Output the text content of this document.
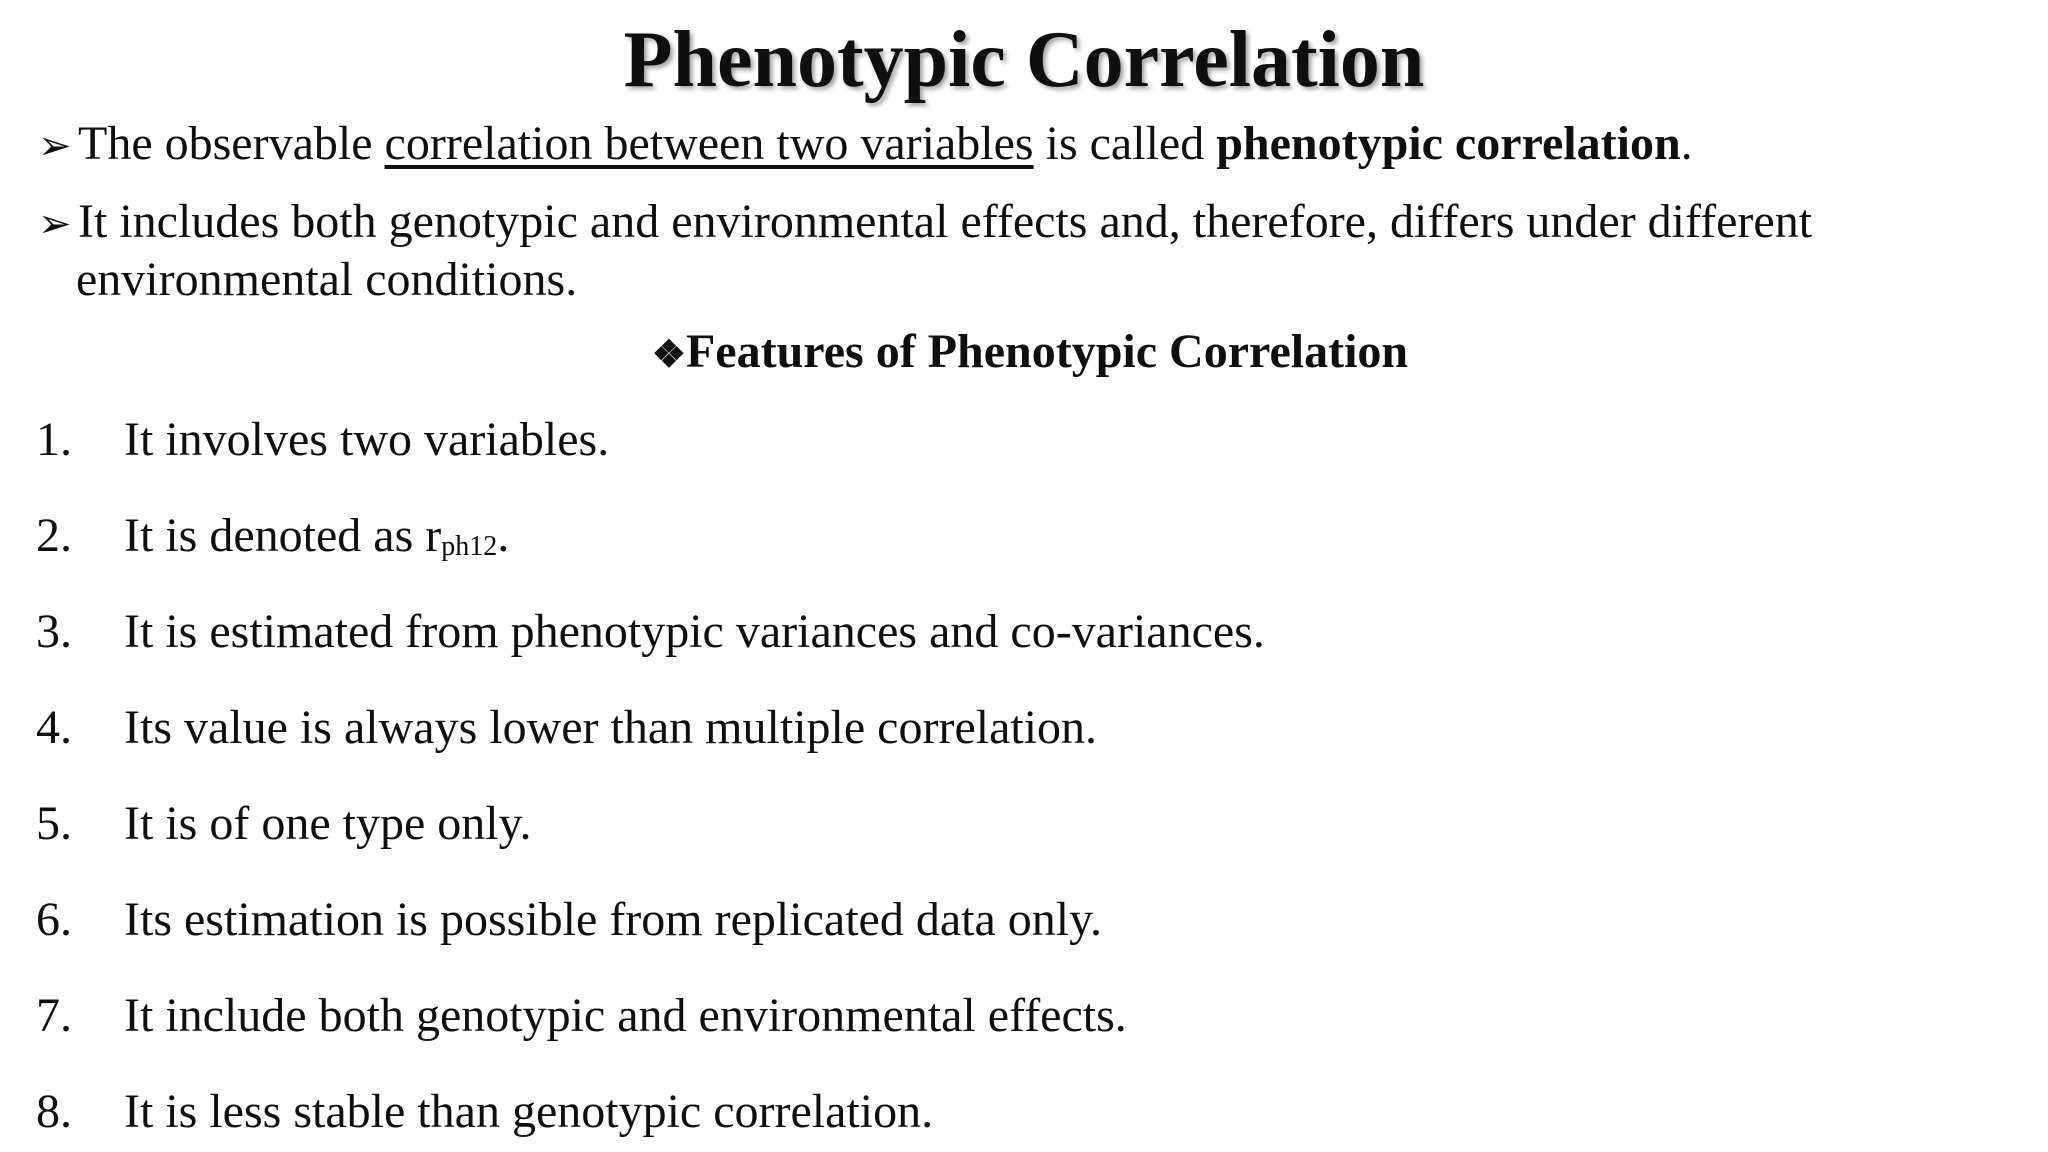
Phenotypic Correlation
➢ The observable correlation between two variables is called phenotypic correlation.
➢ It includes both genotypic and environmental effects and, therefore, differs under different
environmental conditions.
❖Features of Phenotypic Correlation
1.	It involves two variables.
2.	It is denoted as $r_{ph12}$.
3.	It is estimated from phenotypic variances and co-variances.
4.	Its value is always lower than multiple correlation.
5.	It is of one type only.
6.	Its estimation is possible from replicated data only.
7.	It include both genotypic and environmental effects.
8.	It is less stable than genotypic correlation.
